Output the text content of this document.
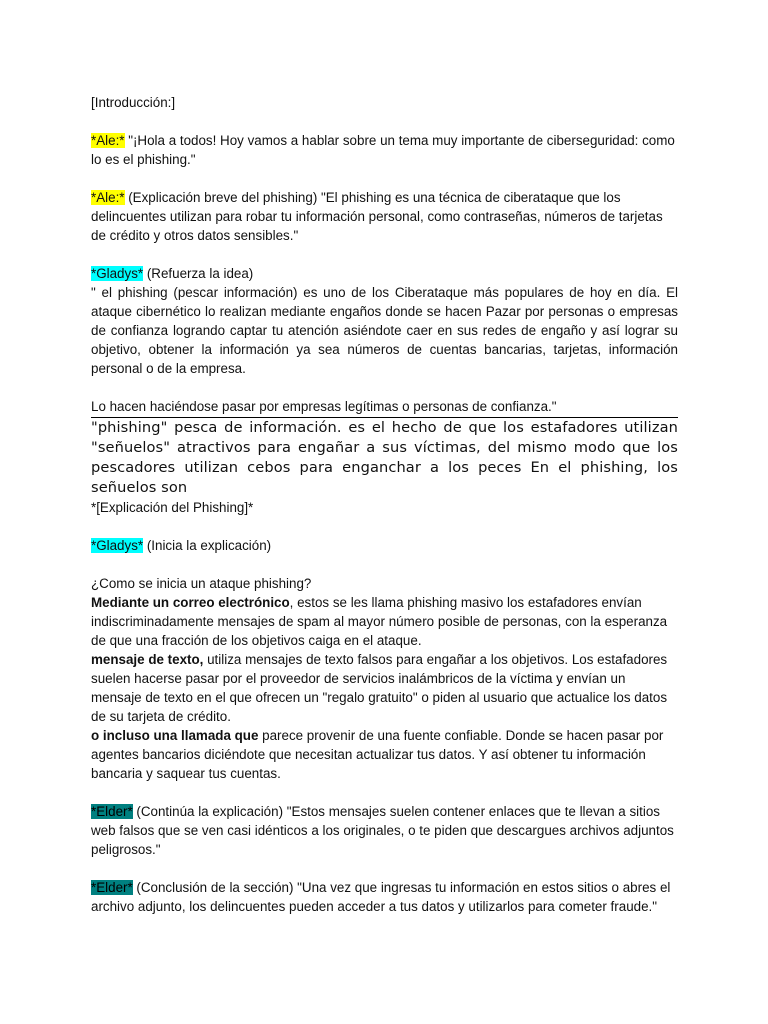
[Introducción:]

*Ale:* "¡Hola a todos! Hoy vamos a hablar sobre un tema muy importante de ciberseguridad: como lo es el phishing."

*Ale:* (Explicación breve del phishing) "El phishing es una técnica de ciberataque que los delincuentes utilizan para robar tu información personal, como contraseñas, números de tarjetas de crédito y otros datos sensibles."

*Gladys* (Refuerza la idea)

" el phishing (pescar información) es uno de los Ciberataque más populares de hoy en día. El ataque cibernético lo realizan mediante engaños donde se hacen Pazar por personas o empresas de confianza logrando captar tu atención asiéndote caer en sus redes de engaño y así lograr su objetivo, obtener la información ya sea números de cuentas bancarias, tarjetas, información personal o de la empresa.

Lo hacen haciéndose pasar por empresas legítimas o personas de confianza."

"phishing" pesca de información. es el hecho de que los estafadores utilizan "señuelos" atractivos para engañar a sus víctimas, del mismo modo que los pescadores utilizan cebos para enganchar a los peces En el phishing, los señuelos son

*[Explicación del Phishing]*

*Gladys* (Inicia la explicación)

¿Como se inicia un ataque phishing?

Mediante un correo electrónico, estos se les llama phishing masivo los estafadores envían indiscriminadamente mensajes de spam al mayor número posible de personas, con la esperanza de que una fracción de los objetivos caiga en el ataque.

mensaje de texto, utiliza mensajes de texto falsos para engañar a los objetivos. Los estafadores suelen hacerse pasar por el proveedor de servicios inalámbricos de la víctima y envían un mensaje de texto en el que ofrecen un "regalo gratuito" o piden al usuario que actualice los datos de su tarjeta de crédito.

o incluso una llamada que parece provenir de una fuente confiable. Donde se hacen pasar por agentes bancarios diciéndote que necesitan actualizar tus datos. Y así obtener tu información bancaria y saquear tus cuentas.

*Elder* (Continúa la explicación) "Estos mensajes suelen contener enlaces que te llevan a sitios web falsos que se ven casi idénticos a los originales, o te piden que descargues archivos adjuntos peligrosos."

*Elder* (Conclusión de la sección) "Una vez que ingresas tu información en estos sitios o abres el archivo adjunto, los delincuentes pueden acceder a tus datos y utilizarlos para cometer fraude."
